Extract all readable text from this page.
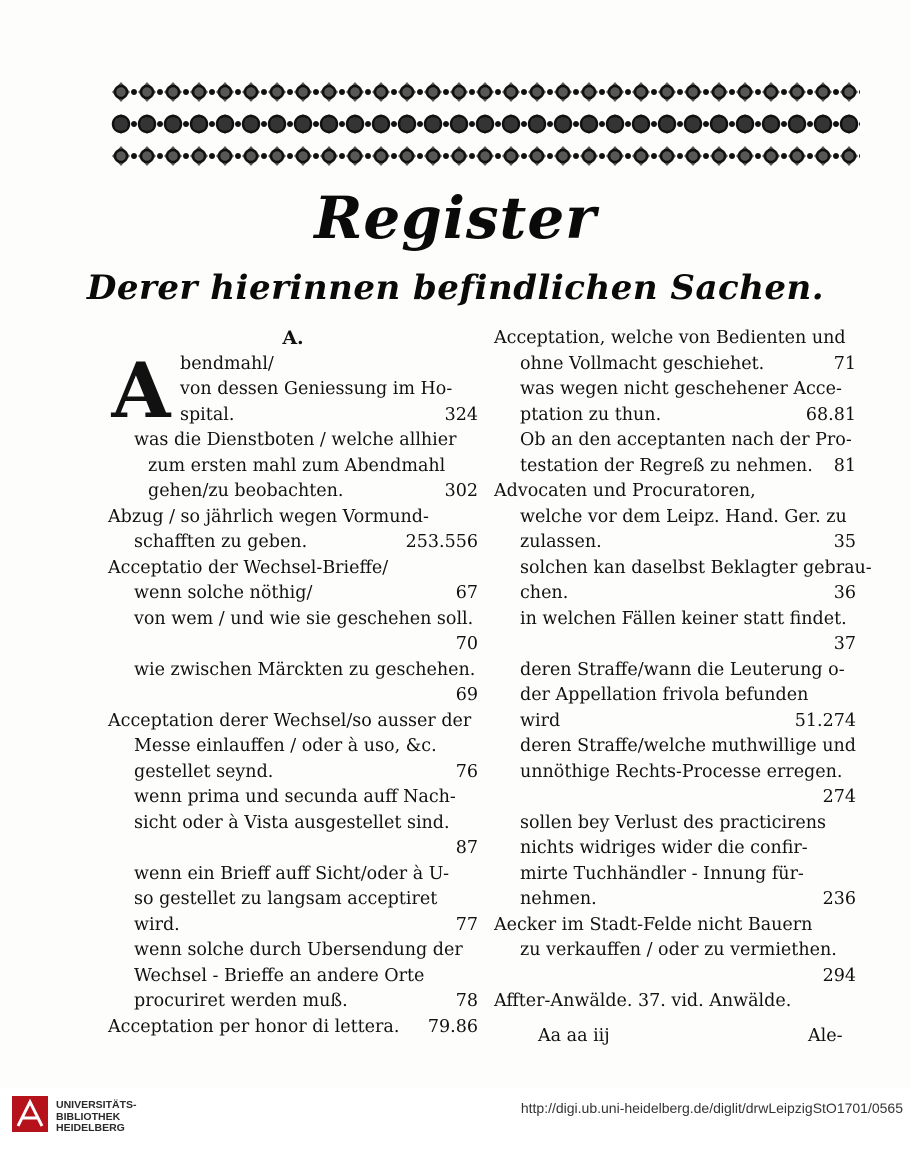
Register
Derer hierinnen befindlichen Sachen.
A.
A bendmahl/
von dessen Geniessung im Ho-
spital.	324
was die Dienstboten / welche allhier
zum ersten mahl zum Abendmahl
gehen/zu beobachten.	302
Abzug / so jährlich wegen Vormund-
schafften zu geben.	253.556
Acceptatio der Wechsel-Brieffe/
wenn solche nöthig/	67
von wem / und wie sie geschehen soll.
70
wie zwischen Märckten zu geschehen.
69
Acceptation derer Wechsel/so ausser der
Messe einlauffen / oder à uso, &c.
gestellet seynd.	76
wenn prima und secunda auff Nach-
sicht oder à Vista ausgestellet sind.
87
wenn ein Brieff auff Sicht/oder à U-
so gestellet zu langsam acceptiret
wird.	77
wenn solche durch Ubersendung der
Wechsel - Brieffe an andere Orte
procuriret werden muß.	78
Acceptation per honor di lettera. 79.86
Acceptation, welche von Bedienten und
ohne Vollmacht geschiehet.	71
was wegen nicht geschehener Acce-
ptation zu thun.	68.81
Ob an den acceptanten nach der Pro-
testation der Regreß zu nehmen. 81
Advocaten und Procuratoren,
welche vor dem Leipz. Hand. Ger. zu
zulassen.	35
solchen kan daselbst Beklagter gebrau-
chen.	36
in welchen Fällen keiner statt findet.
37
deren Straffe/wann die Leuterung o-
der Appellation frivola befunden
wird	51.274
deren Straffe/welche muthwillige und
unnöthige Rechts-Processe erregen.
274
sollen bey Verlust des practicirens
nichts widriges wider die confir-
mirte Tuchhändler - Innung für-
nehmen.	236
Aecker im Stadt-Felde nicht Bauern
zu verkauffen / oder zu vermiethen.
294
Affter-Anwälde. 37. vid. Anwälde.
Aa aa iij	Ale-
UNIVERSITÄTS-
BIBLIOTHEK
HEIDELBERG
http://digi.ub.uni-heidelberg.de/diglit/drwLeipzigStO1701/0565
